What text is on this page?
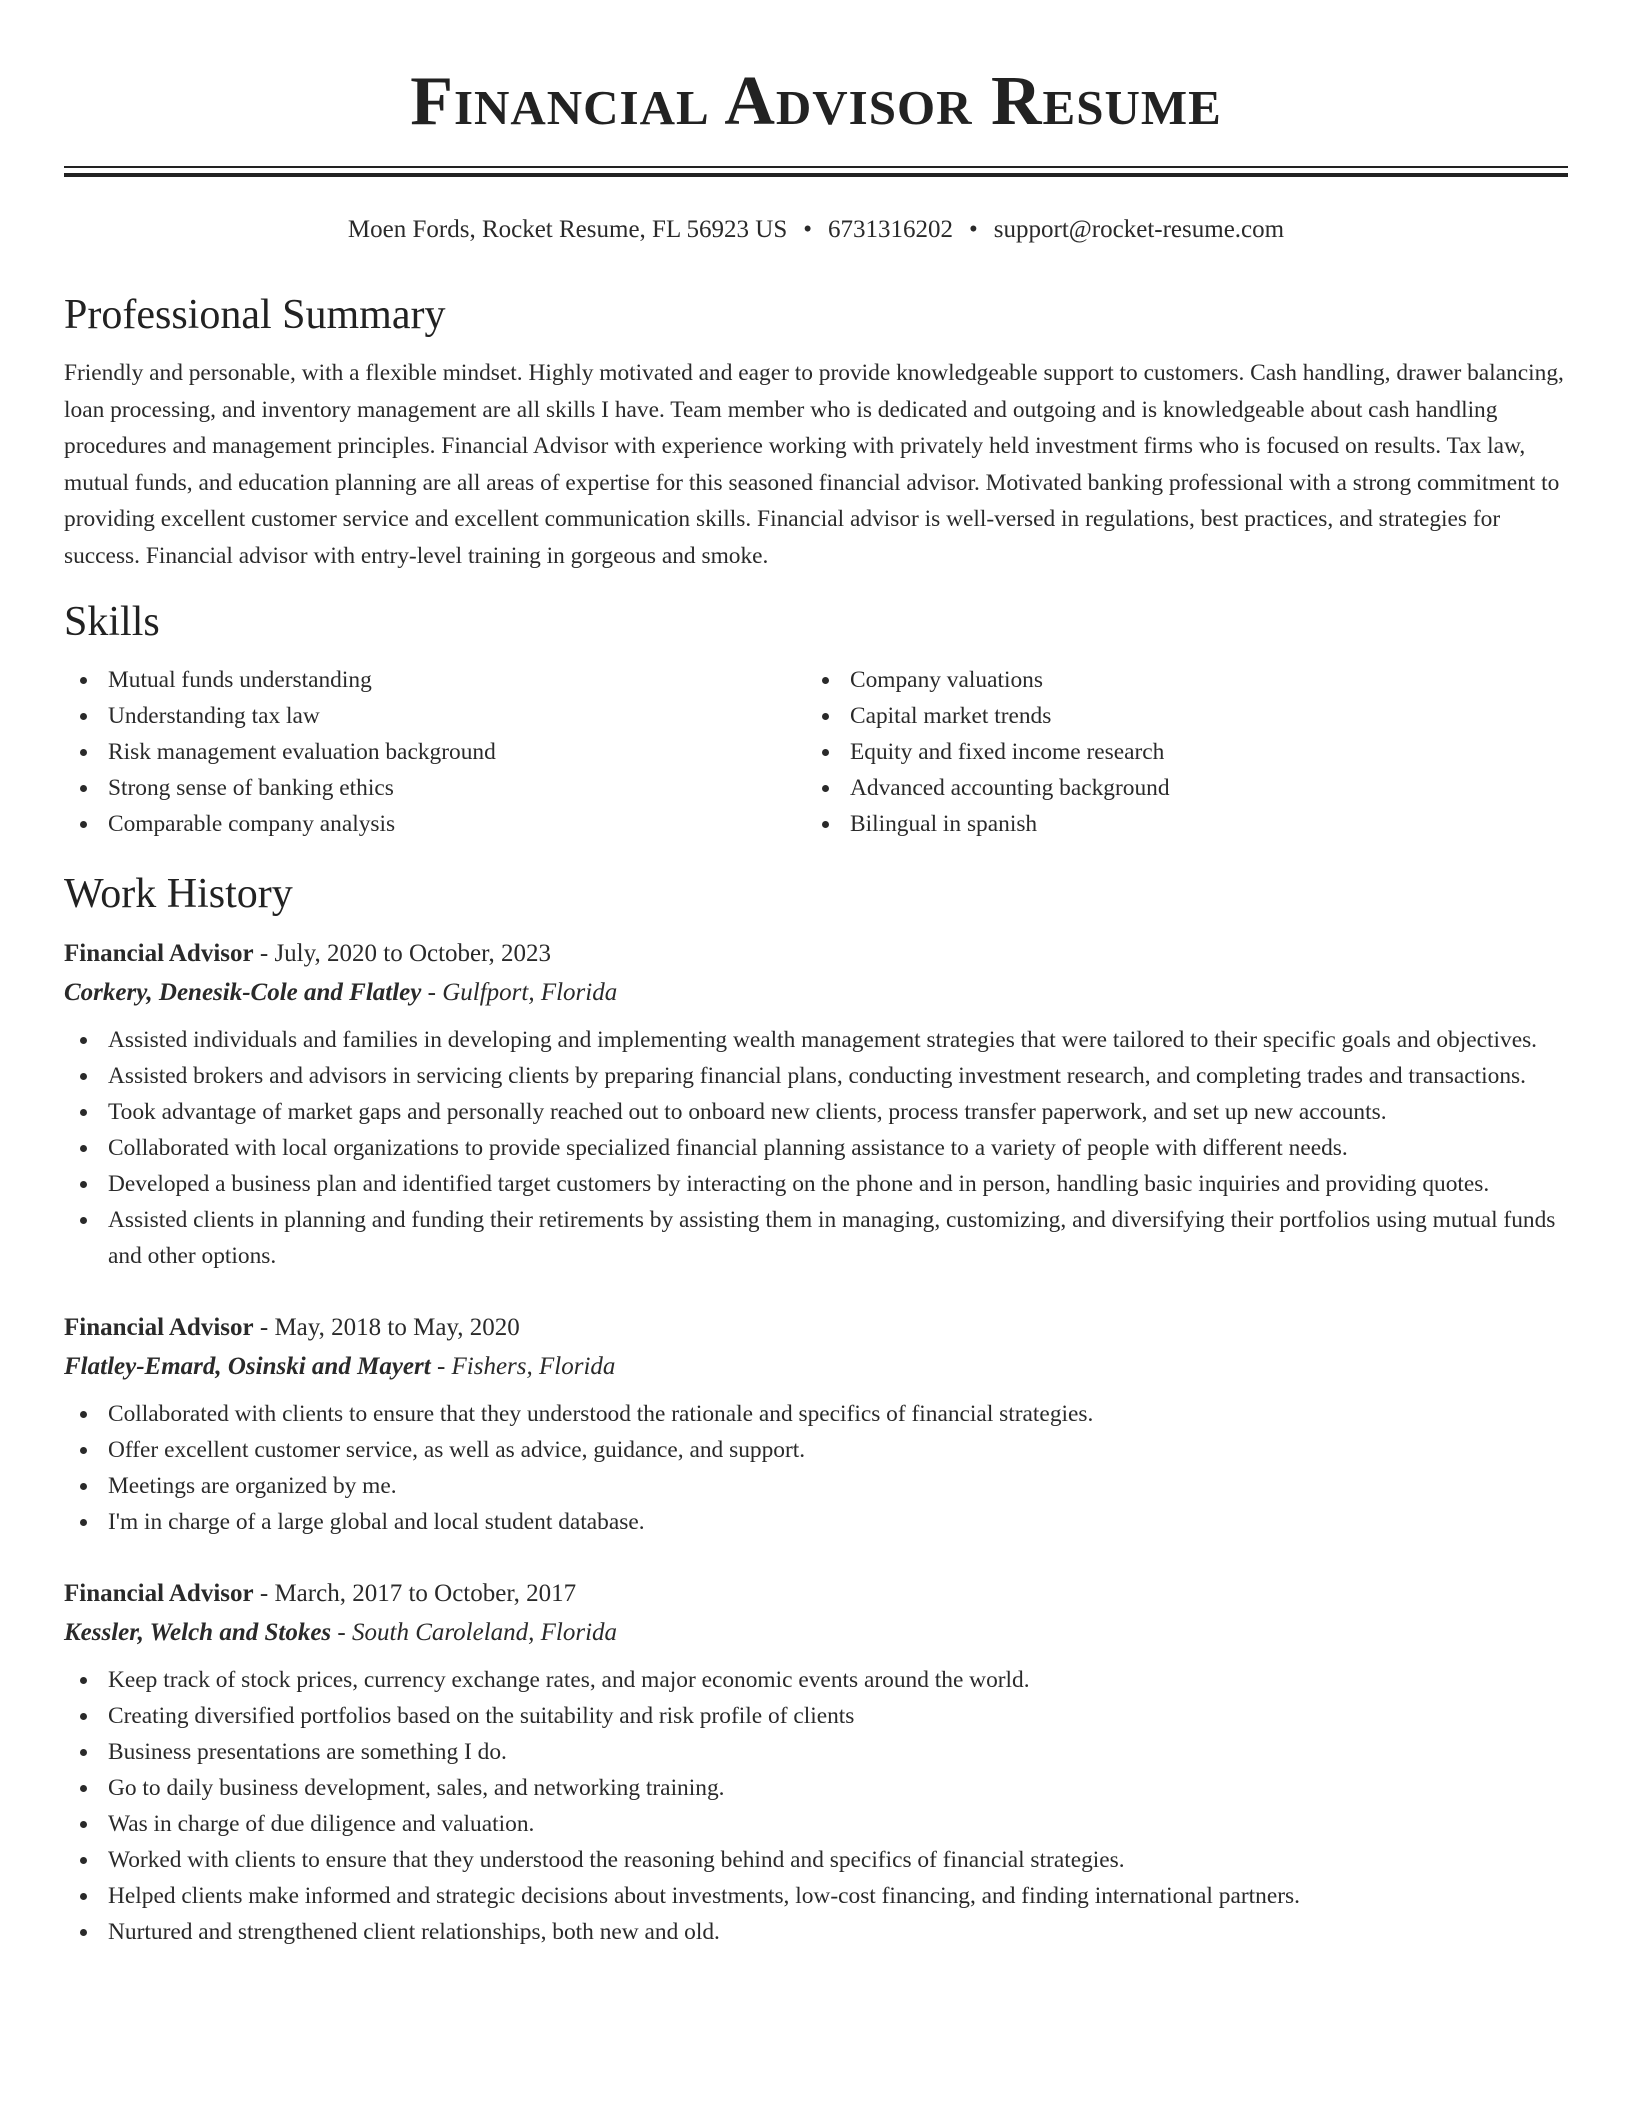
Financial Advisor Resume
Moen Fords, Rocket Resume, FL 56923 US • 6731316202 • support@rocket-resume.com
Professional Summary
Friendly and personable, with a flexible mindset. Highly motivated and eager to provide knowledgeable support to customers. Cash handling, drawer balancing, loan processing, and inventory management are all skills I have. Team member who is dedicated and outgoing and is knowledgeable about cash handling procedures and management principles. Financial Advisor with experience working with privately held investment firms who is focused on results. Tax law, mutual funds, and education planning are all areas of expertise for this seasoned financial advisor. Motivated banking professional with a strong commitment to providing excellent customer service and excellent communication skills. Financial advisor is well-versed in regulations, best practices, and strategies for success. Financial advisor with entry-level training in gorgeous and smoke.
Skills
Mutual funds understanding
Understanding tax law
Risk management evaluation background
Strong sense of banking ethics
Comparable company analysis
Company valuations
Capital market trends
Equity and fixed income research
Advanced accounting background
Bilingual in spanish
Work History
Financial Advisor - July, 2020 to October, 2023
Corkery, Denesik-Cole and Flatley - Gulfport, Florida
Assisted individuals and families in developing and implementing wealth management strategies that were tailored to their specific goals and objectives.
Assisted brokers and advisors in servicing clients by preparing financial plans, conducting investment research, and completing trades and transactions.
Took advantage of market gaps and personally reached out to onboard new clients, process transfer paperwork, and set up new accounts.
Collaborated with local organizations to provide specialized financial planning assistance to a variety of people with different needs.
Developed a business plan and identified target customers by interacting on the phone and in person, handling basic inquiries and providing quotes.
Assisted clients in planning and funding their retirements by assisting them in managing, customizing, and diversifying their portfolios using mutual funds and other options.
Financial Advisor - May, 2018 to May, 2020
Flatley-Emard, Osinski and Mayert - Fishers, Florida
Collaborated with clients to ensure that they understood the rationale and specifics of financial strategies.
Offer excellent customer service, as well as advice, guidance, and support.
Meetings are organized by me.
I'm in charge of a large global and local student database.
Financial Advisor - March, 2017 to October, 2017
Kessler, Welch and Stokes - South Caroleland, Florida
Keep track of stock prices, currency exchange rates, and major economic events around the world.
Creating diversified portfolios based on the suitability and risk profile of clients
Business presentations are something I do.
Go to daily business development, sales, and networking training.
Was in charge of due diligence and valuation.
Worked with clients to ensure that they understood the reasoning behind and specifics of financial strategies.
Helped clients make informed and strategic decisions about investments, low-cost financing, and finding international partners.
Nurtured and strengthened client relationships, both new and old.
